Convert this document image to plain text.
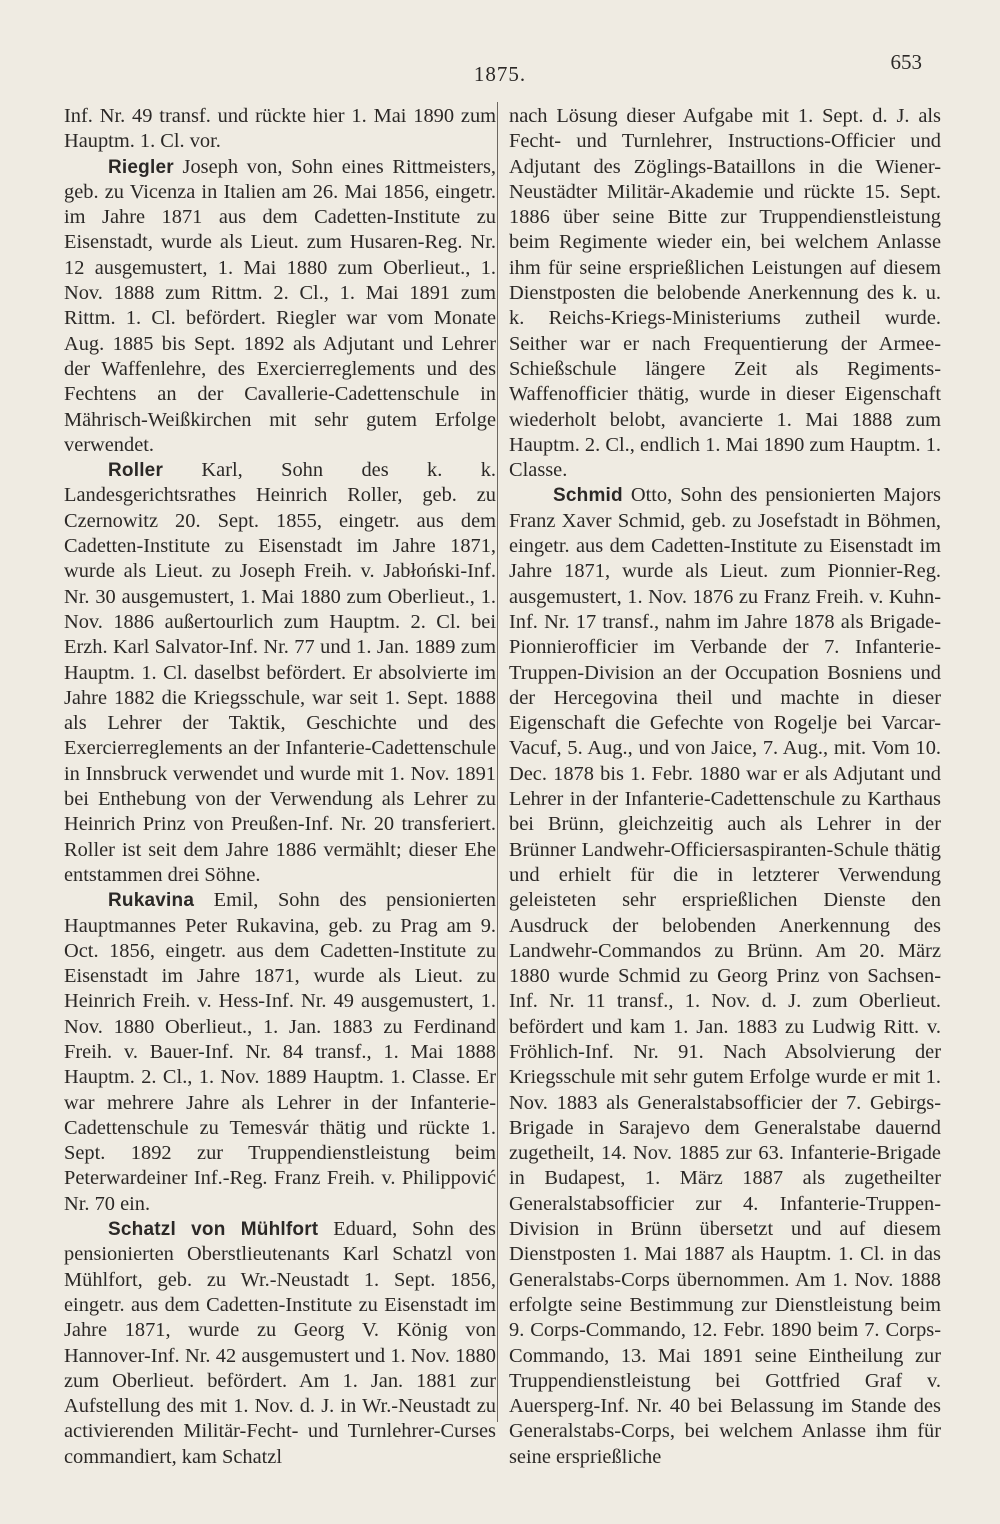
1875.	653

Inf. Nr. 49 transf. und rückte hier 1. Mai 1890 zum Hauptm. 1. Cl. vor.

Riegler Joseph von, Sohn eines Rittmeisters, geb. zu Vicenza in Italien am 26. Mai 1856, eingetr. im Jahre 1871 aus dem Cadetten-Institute zu Eisenstadt, wurde als Lieut. zum Husaren-Reg. Nr. 12 ausgemustert, 1. Mai 1880 zum Oberlieut., 1. Nov. 1888 zum Rittm. 2. Cl., 1. Mai 1891 zum Rittm. 1. Cl. befördert. Riegler war vom Monate Aug. 1885 bis Sept. 1892 als Adjutant und Lehrer der Waffenlehre, des Exercierreglements und des Fechtens an der Cavallerie-Cadettenschule in Mährisch-Weißkirchen mit sehr gutem Erfolge verwendet.

Roller Karl, Sohn des k. k. Landesgerichtsrathes Heinrich Roller, geb. zu Czernowitz 20. Sept. 1855, eingetr. aus dem Cadetten-Institute zu Eisenstadt im Jahre 1871, wurde als Lieut. zu Joseph Freih. v. Jabłoński-Inf. Nr. 30 ausgemustert, 1. Mai 1880 zum Oberlieut., 1. Nov. 1886 außertourlich zum Hauptm. 2. Cl. bei Erzh. Karl Salvator-Inf. Nr. 77 und 1. Jan. 1889 zum Hauptm. 1. Cl. daselbst befördert. Er absolvierte im Jahre 1882 die Kriegsschule, war seit 1. Sept. 1888 als Lehrer der Taktik, Geschichte und des Exercierreglements an der Infanterie-Cadettenschule in Innsbruck verwendet und wurde mit 1. Nov. 1891 bei Enthebung von der Verwendung als Lehrer zu Heinrich Prinz von Preußen-Inf. Nr. 20 transferiert. Roller ist seit dem Jahre 1886 vermählt; dieser Ehe entstammen drei Söhne.

Rukavina Emil, Sohn des pensionierten Hauptmannes Peter Rukavina, geb. zu Prag am 9. Oct. 1856, eingetr. aus dem Cadetten-Institute zu Eisenstadt im Jahre 1871, wurde als Lieut. zu Heinrich Freih. v. Hess-Inf. Nr. 49 ausgemustert, 1. Nov. 1880 Oberlieut., 1. Jan. 1883 zu Ferdinand Freih. v. Bauer-Inf. Nr. 84 transf., 1. Mai 1888 Hauptm. 2. Cl., 1. Nov. 1889 Hauptm. 1. Classe. Er war mehrere Jahre als Lehrer in der Infanterie-Cadettenschule zu Temesvár thätig und rückte 1. Sept. 1892 zur Truppendienstleistung beim Peterwardeiner Inf.-Reg. Franz Freih. v. Philippović Nr. 70 ein.

Schatzl von Mühlfort Eduard, Sohn des pensionierten Oberstlieutenants Karl Schatzl von Mühlfort, geb. zu Wr.-Neustadt 1. Sept. 1856, eingetr. aus dem Cadetten-Institute zu Eisenstadt im Jahre 1871, wurde zu Georg V. König von Hannover-Inf. Nr. 42 ausgemustert und 1. Nov. 1880 zum Oberlieut. befördert. Am 1. Jan. 1881 zur Aufstellung des mit 1. Nov. d. J. in Wr.-Neustadt zu activierenden Militär-Fecht- und Turnlehrer-Curses commandiert, kam Schatzl

nach Lösung dieser Aufgabe mit 1. Sept. d. J. als Fecht- und Turnlehrer, Instructions-Officier und Adjutant des Zöglings-Bataillons in die Wiener-Neustädter Militär-Akademie und rückte 15. Sept. 1886 über seine Bitte zur Truppendienstleistung beim Regimente wieder ein, bei welchem Anlasse ihm für seine ersprießlichen Leistungen auf diesem Dienstposten die belobende Anerkennung des k. u. k. Reichs-Kriegs-Ministeriums zutheil wurde. Seither war er nach Frequentierung der Armee-Schießschule längere Zeit als Regiments-Waffenofficier thätig, wurde in dieser Eigenschaft wiederholt belobt, avancierte 1. Mai 1888 zum Hauptm. 2. Cl., endlich 1. Mai 1890 zum Hauptm. 1. Classe.

Schmid Otto, Sohn des pensionierten Majors Franz Xaver Schmid, geb. zu Josefstadt in Böhmen, eingetr. aus dem Cadetten-Institute zu Eisenstadt im Jahre 1871, wurde als Lieut. zum Pionnier-Reg. ausgemustert, 1. Nov. 1876 zu Franz Freih. v. Kuhn-Inf. Nr. 17 transf., nahm im Jahre 1878 als Brigade-Pionnierofficier im Verbande der 7. Infanterie-Truppen-Division an der Occupation Bosniens und der Hercegovina theil und machte in dieser Eigenschaft die Gefechte von Rogelje bei Varcar-Vacuf, 5. Aug., und von Jaice, 7. Aug., mit. Vom 10. Dec. 1878 bis 1. Febr. 1880 war er als Adjutant und Lehrer in der Infanterie-Cadettenschule zu Karthaus bei Brünn, gleichzeitig auch als Lehrer in der Brünner Landwehr-Officiersaspiranten-Schule thätig und erhielt für die in letzterer Verwendung geleisteten sehr ersprießlichen Dienste den Ausdruck der belobenden Anerkennung des Landwehr-Commandos zu Brünn. Am 20. März 1880 wurde Schmid zu Georg Prinz von Sachsen-Inf. Nr. 11 transf., 1. Nov. d. J. zum Oberlieut. befördert und kam 1. Jan. 1883 zu Ludwig Ritt. v. Fröhlich-Inf. Nr. 91. Nach Absolvierung der Kriegsschule mit sehr gutem Erfolge wurde er mit 1. Nov. 1883 als Generalstabsofficier der 7. Gebirgs-Brigade in Sarajevo dem Generalstabe dauernd zugetheilt, 14. Nov. 1885 zur 63. Infanterie-Brigade in Budapest, 1. März 1887 als zugetheilter Generalstabsofficier zur 4. Infanterie-Truppen-Division in Brünn übersetzt und auf diesem Dienstposten 1. Mai 1887 als Hauptm. 1. Cl. in das Generalstabs-Corps übernommen. Am 1. Nov. 1888 erfolgte seine Bestimmung zur Dienstleistung beim 9. Corps-Commando, 12. Febr. 1890 beim 7. Corps-Commando, 13. Mai 1891 seine Eintheilung zur Truppendienstleistung bei Gottfried Graf v. Auersperg-Inf. Nr. 40 bei Belassung im Stande des Generalstabs-Corps, bei welchem Anlasse ihm für seine ersprießliche
